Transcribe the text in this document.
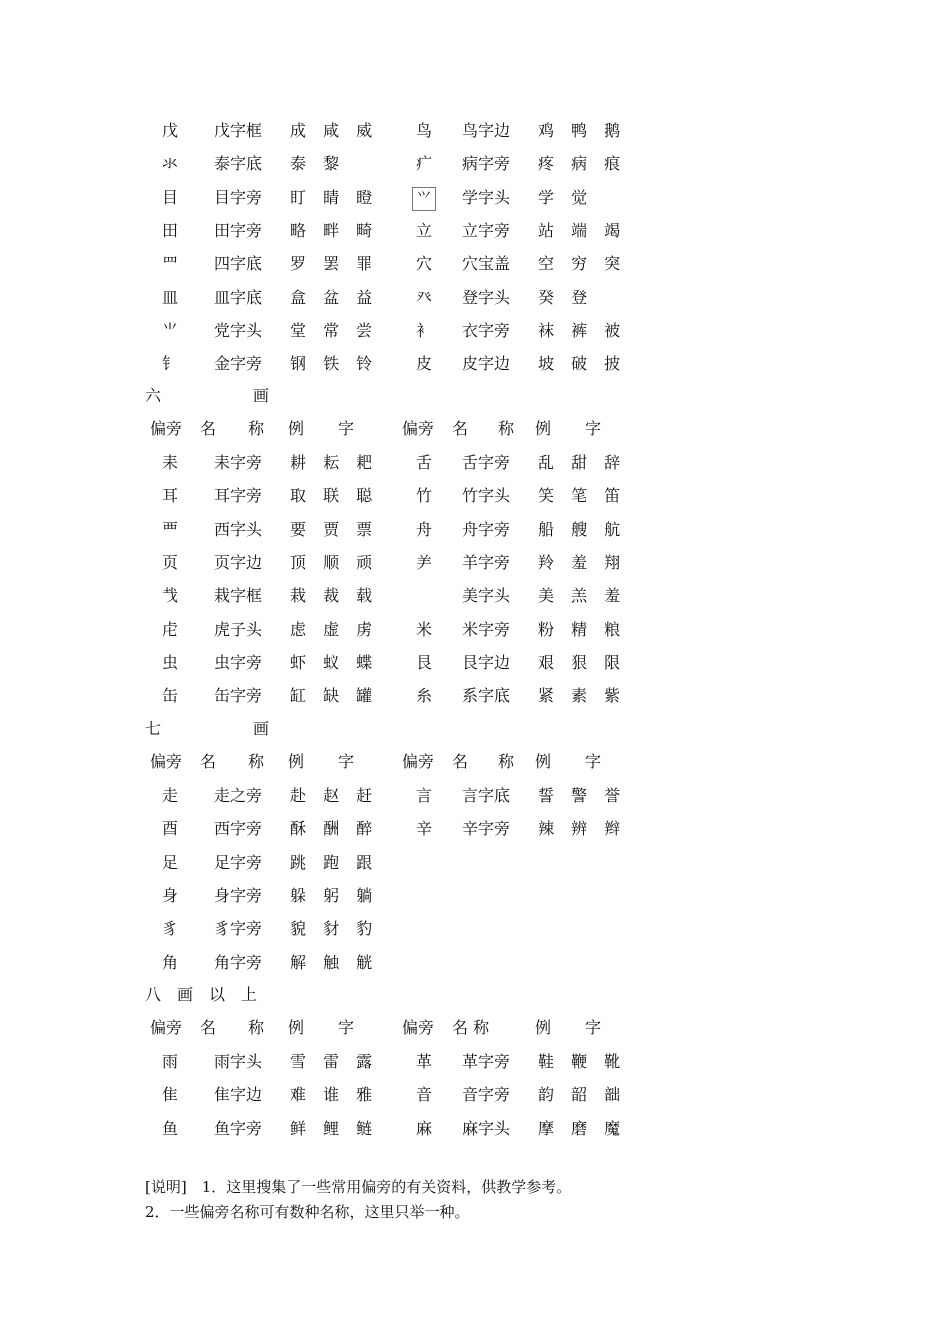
戊 戊字框 成 咸 威 鸟 鸟字边 鸡 鸭 鹅
氺 泰字底 泰 黎	疒 病字旁 疼 病 痕
目 目字旁 盯 睛 瞪	⺍	学字头 学 觉
田 田字旁 略 畔 畸 立 立字旁 站 端 竭
罒 四字底 罗 罢 罪 穴 穴宝盖 空 穷 突
皿 皿字底 盒 盆 益 癶 登字头 癸 登
⺌ 党字头 堂 常 尝 衤 衣字旁 袜 裤 被
钅 金字旁 钢 铁 铃 皮 皮字边 坡 破 披
六	画
偏旁 名 称 例 字	偏旁 名 称 例 字
耒 耒字旁 耕 耘 耙 舌 舌字旁 乱 甜 辞
耳 耳字旁 取 联 聪 竹 竹字头 笑 笔 笛
覀 西字头 要 贾 票 舟 舟字旁 船 艘 航
页 页字边 顶 顺 顽 ⺶ 羊字旁 羚 羞 翔
𢦏 栽字框 栽 裁 载	美字头 美 羔 羞
虍 虎子头 虑 虚 虏 米 米字旁 粉 精 粮
虫 虫字旁 虾 蚁 蝶 艮 艮字边 艰 狠 限
缶 缶字旁 缸 缺 罐 糸 系字底 紧 素 紫
七	画
偏旁 名 称 例 字	偏旁 名 称 例 字
走 走之旁 赴 赵 赶 言 言字底 誓 警 誉
酉 西字旁 酥 酬 醉 辛 辛字旁 辣 辨 辫
足 足字旁 跳 跑 跟
身 身字旁 躲 躬 躺
豸 豸字旁 貌 豺 豹
角 角字旁 解 触 觥
八 画 以 上
偏旁 名 称 例 字	偏旁 名 称	例 字
雨 雨字头 雪 雷 露 革 革字旁 鞋 鞭 靴
隹 隹字边 难 谁 雅 音 音字旁 韵 韶 韷
鱼 鱼字旁 鲜 鲤 鲢 麻 麻字头 摩 磨 魔
[说明]　1．这里搜集了一些常用偏旁的有关资料，供教学参考。
2．一些偏旁名称可有数种名称，这里只举一种。
